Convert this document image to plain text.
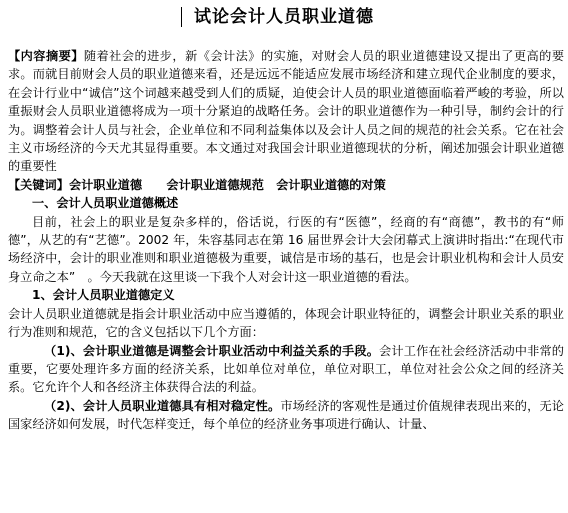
试论会计人员职业道德

【内容摘要】随着社会的进步，新《会计法》的实施，对财会人员的职业道德建设又提出了更高的要求。而就目前财会人员的职业道德来看，还是远远不能适应发展市场经济和建立现代企业制度的要求，在会计行业中“诚信”这个词越来越受到人们的质疑，迫使会计人员的职业道德面临着严峻的考验，所以重振财会人员职业道德将成为一项十分紧迫的战略任务。会计的职业道德作为一种引导，制约会计的行为。调整着会计人员与社会，企业单位和不同利益集体以及会计人员之间的规范的社会关系。它在社会主义市场经济的今天尤其显得重要。本文通过对我国会计职业道德现状的分析，阐述加强会计职业道德的重要性

【关键词】会计职业道德　　会计职业道德规范　会计职业道德的对策

一、会计人员职业道德概述

目前，社会上的职业是复杂多样的，俗话说，行医的有“医德”，经商的有“商德”，教书的有“师德”，从艺的有“艺德”。2002 年，朱容基同志在第 16 届世界会计大会闭幕式上演讲时指出:“在现代市场经济中，会计的职业准则和职业道德极为重要，诚信是市场的基石，也是会计职业机构和会计人员安身立命之本”　。今天我就在这里谈一下我个人对会计这一职业道德的看法。

1、会计人员职业道德定义

会计人员职业道德就是指会计职业活动中应当遵循的，体现会计职业特征的，调整会计职业关系的职业行为准则和规范，它的含义包括以下几个方面：

（1)、会计职业道德是调整会计职业活动中利益关系的手段。会计工作在社会经济活动中非常的重要，它要处理许多方面的经济关系，比如单位对单位，单位对职工，单位对社会公众之间的经济关系。它允许个人和各经济主体获得合法的利益。

（2)、会计人员职业道德具有相对稳定性。市场经济的客观性是通过价值规律表现出来的，无论国家经济如何发展，时代怎样变迁，每个单位的经济业务事项进行确认、计量、
